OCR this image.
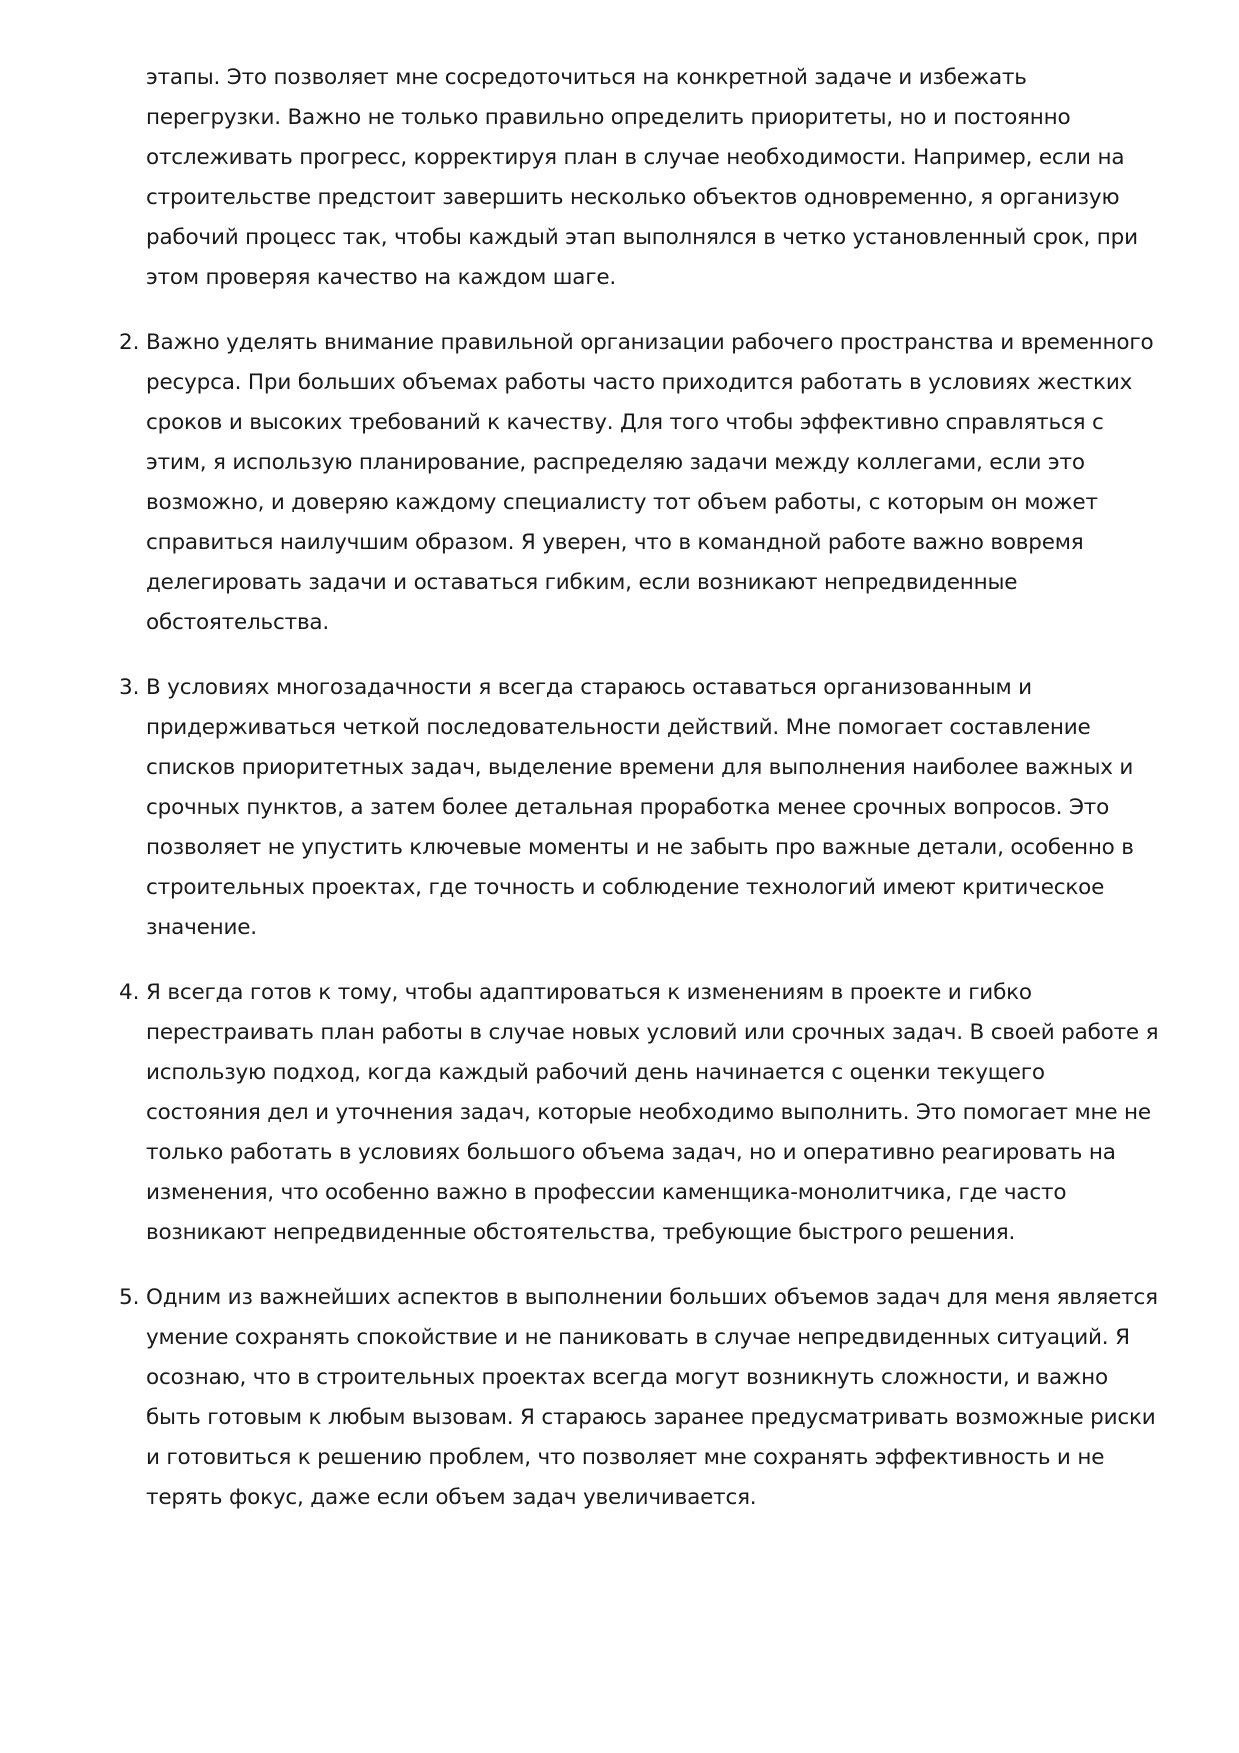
этапы. Это позволяет мне сосредоточиться на конкретной задаче и избежать перегрузки. Важно не только правильно определить приоритеты, но и постоянно отслеживать прогресс, корректируя план в случае необходимости. Например, если на строительстве предстоит завершить несколько объектов одновременно, я организую рабочий процесс так, чтобы каждый этап выполнялся в четко установленный срок, при этом проверяя качество на каждом шаге.

2. Важно уделять внимание правильной организации рабочего пространства и временного ресурса. При больших объемах работы часто приходится работать в условиях жестких сроков и высоких требований к качеству. Для того чтобы эффективно справляться с этим, я использую планирование, распределяю задачи между коллегами, если это возможно, и доверяю каждому специалисту тот объем работы, с которым он может справиться наилучшим образом. Я уверен, что в командной работе важно вовремя делегировать задачи и оставаться гибким, если возникают непредвиденные обстоятельства.

3. В условиях многозадачности я всегда стараюсь оставаться организованным и придерживаться четкой последовательности действий. Мне помогает составление списков приоритетных задач, выделение времени для выполнения наиболее важных и срочных пунктов, а затем более детальная проработка менее срочных вопросов. Это позволяет не упустить ключевые моменты и не забыть про важные детали, особенно в строительных проектах, где точность и соблюдение технологий имеют критическое значение.

4. Я всегда готов к тому, чтобы адаптироваться к изменениям в проекте и гибко перестраивать план работы в случае новых условий или срочных задач. В своей работе я использую подход, когда каждый рабочий день начинается с оценки текущего состояния дел и уточнения задач, которые необходимо выполнить. Это помогает мне не только работать в условиях большого объема задач, но и оперативно реагировать на изменения, что особенно важно в профессии каменщика-монолитчика, где часто возникают непредвиденные обстоятельства, требующие быстрого решения.

5. Одним из важнейших аспектов в выполнении больших объемов задач для меня является умение сохранять спокойствие и не паниковать в случае непредвиденных ситуаций. Я осознаю, что в строительных проектах всегда могут возникнуть сложности, и важно быть готовым к любым вызовам. Я стараюсь заранее предусматривать возможные риски и готовиться к решению проблем, что позволяет мне сохранять эффективность и не терять фокус, даже если объем задач увеличивается.
